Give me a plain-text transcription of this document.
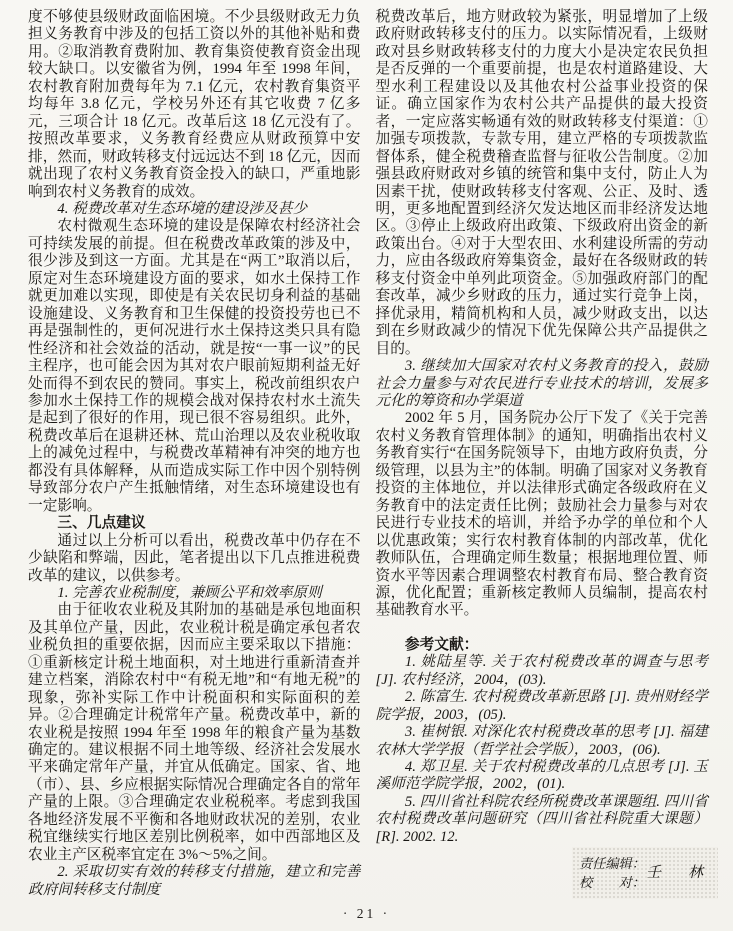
度不够使县级财政面临困境。不少县级财政无力负担义务教育中涉及的包括工资以外的其他补贴和费用。②取消教育费附加、教育集资使教育资金出现较大缺口。以安徽省为例，1994 年至 1998 年间，农村教育附加费每年为 7.1 亿元，农村教育集资平均每年 3.8 亿元，学校另外还有其它收费 7 亿多元，三项合计 18 亿元。改革后这 18 亿元没有了。按照改革要求，义务教育经费应从财政预算中安排，然而，财政转移支付远远达不到 18 亿元，因而就出现了农村义务教育资金投入的缺口，严重地影响到农村义务教育的成效。

4. 税费改革对生态环境的建设涉及甚少

农村微观生态环境的建设是保障农村经济社会可持续发展的前提。但在税费改革政策的涉及中，很少涉及到这一方面。尤其是在“两工”取消以后，原定对生态环境建设方面的要求，如水土保持工作就更加难以实现，即使是有关农民切身利益的基础设施建设、义务教育和卫生保健的投资投劳也已不再是强制性的，更何况进行水土保持这类只具有隐性经济和社会效益的活动，就是按“一事一议”的民主程序，也可能会因为其对农户眼前短期利益无好处而得不到农民的赞同。事实上，税改前组织农户参加水土保持工作的规模会战对保持农村水土流失是起到了很好的作用，现已很不容易组织。此外，税费改革后在退耕还林、荒山治理以及农业税收取上的减免过程中，与税费改革精神有冲突的地方也都没有具体解释，从而造成实际工作中因个别特例导致部分农户产生抵触情绪，对生态环境建设也有一定影响。

三、几点建议

通过以上分析可以看出，税费改革中仍存在不少缺陷和弊端，因此，笔者提出以下几点推进税费改革的建议，以供参考。

1. 完善农业税制度，兼顾公平和效率原则

由于征收农业税及其附加的基础是承包地面积及其单位产量，因此，农业税计税是确定承包者农业税负担的重要依据，因而应主要采取以下措施：①重新核定计税土地面积，对土地进行重新清查并建立档案，消除农村中“有税无地”和“有地无税”的现象，弥补实际工作中计税面积和实际面积的差异。②合理确定计税常年产量。税费改革中，新的农业税是按照 1994 年至 1998 年的粮食产量为基数确定的。建议根据不同土地等级、经济社会发展水平来确定常年产量，并宜从低确定。国家、省、地（市）、县、乡应根据实际情况合理确定各自的常年产量的上限。③合理确定农业税税率。考虑到我国各地经济发展不平衡和各地财政状况的差别，农业税宜继续实行地区差别比例税率，如中西部地区及农业主产区税率宜定在 3%～5%之间。

2. 采取切实有效的转移支付措施，建立和完善政府间转移支付制度

税费改革后，地方财政较为紧张，明显增加了上级政府财政转移支付的压力。以实际情况看，上级财政对县乡财政转移支付的力度大小是决定农民负担是否反弹的一个重要前提，也是农村道路建设、大型水利工程建设以及其他农村公益事业投资的保证。确立国家作为农村公共产品提供的最大投资者，一定应落实畅通有效的财政转移支付渠道：①加强专项拨款，专款专用，建立严格的专项拨款监督体系，健全税费稽查监督与征收公告制度。②加强县政府财政对乡镇的统管和集中支付，防止人为因素干扰，使财政转移支付客观、公正、及时、透明，更多地配置到经济欠发达地区而非经济发达地区。③停止上级政府出政策、下级政府出资金的新政策出台。④对于大型农田、水利建设所需的劳动力，应由各级政府筹集资金，最好在各级财政的转移支付资金中单列此项资金。⑤加强政府部门的配套改革，减少乡财政的压力，通过实行竞争上岗，择优录用，精简机构和人员，减少财政支出，以达到在乡财政减少的情况下优先保障公共产品提供之目的。

3. 继续加大国家对农村义务教育的投入，鼓励社会力量参与对农民进行专业技术的培训，发展多元化的筹资和办学渠道

2002 年 5 月，国务院办公厅下发了《关于完善农村义务教育管理体制》的通知，明确指出农村义务教育实行“在国务院领导下，由地方政府负责，分级管理，以县为主”的体制。明确了国家对义务教育投资的主体地位，并以法律形式确定各级政府在义务教育中的法定责任比例；鼓励社会力量参与对农民进行专业技术的培训，并给予办学的单位和个人以优惠政策；实行农村教育体制的内部改革，优化教师队伍，合理确定师生数量；根据地理位置、师资水平等因素合理调整农村教育布局、整合教育资源，优化配置；重新核定教师人员编制，提高农村基础教育水平。

参考文献：

1. 姚陆星等. 关于农村税费改革的调查与思考 [J]. 农村经济，2004，(03).

2. 陈富生. 农村税费改革新思路 [J]. 贵州财经学院学报，2003，(05).

3. 崔树银. 对深化农村税费改革的思考 [J]. 福建农林大学学报（哲学社会学版），2003，(06).

4. 郑卫星. 关于农村税费改革的几点思考 [J]. 玉溪师范学院学报，2002，(01).

5. 四川省社科院农经所税费改革课题组. 四川省农村税费改革问题研究（四川省社科院重大课题）[R]. 2002. 12.

责任编辑：
校　　对：
壬　林
· 21 ·
